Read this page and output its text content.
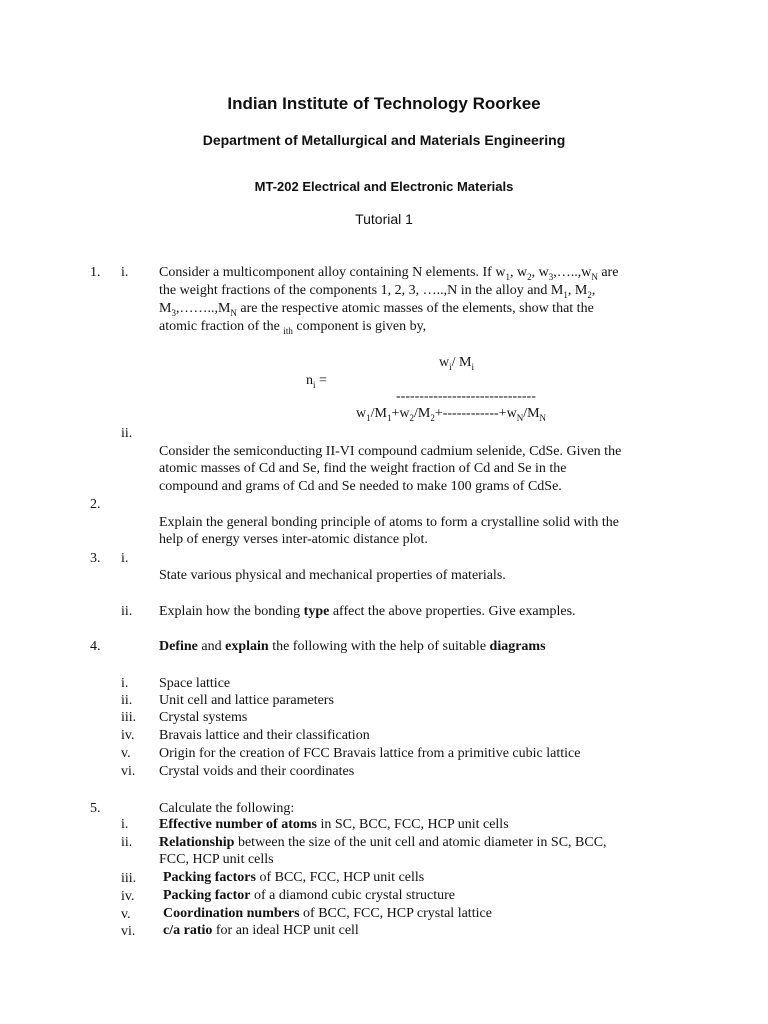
Indian Institute of Technology Roorkee
Department of Metallurgical and Materials Engineering
MT-202 Electrical and Electronic Materials
Tutorial 1
1. i. Consider a multicomponent alloy containing N elements. If $w_1$, $w_2$, $w_3,\dots..,w_N$ are
the weight fractions of the components 1, 2, 3, …..,N in the alloy and $M_1$, $M_2$,
$M_3,\dots\dots..,M_N$ are the respective atomic masses of the elements, show that the
atomic fraction of the $_{ith}$ component is given by,
$w_i/$ $M_i$
$n_i$ =
------------------------------
$w_1/M_1+w_2/M_2+------------+w_N/M_N$
ii.
Consider the semiconducting II-VI compound cadmium selenide, CdSe. Given the
atomic masses of Cd and Se, find the weight fraction of Cd and Se in the
compound and grams of Cd and Se needed to make 100 grams of CdSe.
2.
Explain the general bonding principle of atoms to form a crystalline solid with the
help of energy verses inter-atomic distance plot.
3. i.
State various physical and mechanical properties of materials.
ii. Explain how the bonding type affect the above properties. Give examples.
4.	Define and explain the following with the help of suitable diagrams
i. Space lattice
ii. Unit cell and lattice parameters
iii. Crystal systems
iv. Bravais lattice and their classification
v. Origin for the creation of FCC Bravais lattice from a primitive cubic lattice
vi. Crystal voids and their coordinates
5.	Calculate the following:
i. Effective number of atoms in SC, BCC, FCC, HCP unit cells
ii. Relationship between the size of the unit cell and atomic diameter in SC, BCC,
FCC, HCP unit cells
iii. Packing factors of BCC, FCC, HCP unit cells
iv. Packing factor of a diamond cubic crystal structure
v. Coordination numbers of BCC, FCC, HCP crystal lattice
vi. c/a ratio for an ideal HCP unit cell
